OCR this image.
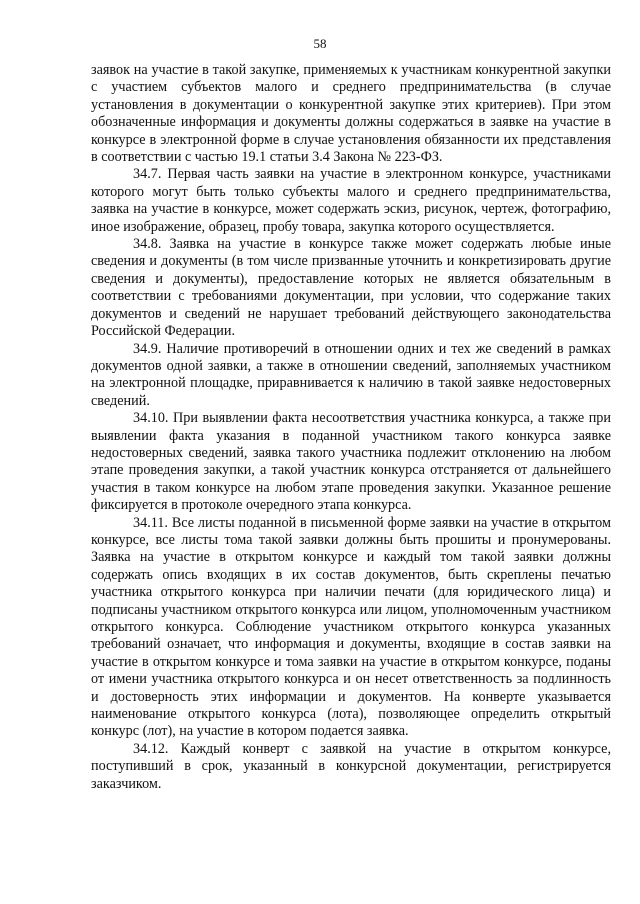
58

заявок на участие в такой закупке, применяемых к участникам конкурентной закупки с участием субъектов малого и среднего предпринимательства (в случае установления в документации о конкурентной закупке этих критериев). При этом обозначенные информация и документы должны содержаться в заявке на участие в конкурсе в электронной форме в случае установления обязанности их представления в соответствии с частью 19.1 статьи 3.4 Закона № 223-ФЗ.

34.7. Первая часть заявки на участие в электронном конкурсе, участниками которого могут быть только субъекты малого и среднего предпринимательства, заявка на участие в конкурсе, может содержать эскиз, рисунок, чертеж, фотографию, иное изображение, образец, пробу товара, закупка которого осуществляется.

34.8. Заявка на участие в конкурсе также может содержать любые иные сведения и документы (в том числе призванные уточнить и конкретизировать другие сведения и документы), предоставление которых не является обязательным в соответствии с требованиями документации, при условии, что содержание таких документов и сведений не нарушает требований действующего законодательства Российской Федерации.

34.9. Наличие противоречий в отношении одних и тех же сведений в рамках документов одной заявки, а также в отношении сведений, заполняемых участником на электронной площадке, приравнивается к наличию в такой заявке недостоверных сведений.

34.10. При выявлении факта несоответствия участника конкурса, а также при выявлении факта указания в поданной участником такого конкурса заявке недостоверных сведений, заявка такого участника подлежит отклонению на любом этапе проведения закупки, а такой участник конкурса отстраняется от дальнейшего участия в таком конкурсе на любом этапе проведения закупки. Указанное решение фиксируется в протоколе очередного этапа конкурса.

34.11. Все листы поданной в письменной форме заявки на участие в открытом конкурсе, все листы тома такой заявки должны быть прошиты и пронумерованы. Заявка на участие в открытом конкурсе и каждый том такой заявки должны содержать опись входящих в их состав документов, быть скреплены печатью участника открытого конкурса при наличии печати (для юридического лица) и подписаны участником открытого конкурса или лицом, уполномоченным участником открытого конкурса. Соблюдение участником открытого конкурса указанных требований означает, что информация и документы, входящие в состав заявки на участие в открытом конкурсе и тома заявки на участие в открытом конкурсе, поданы от имени участника открытого конкурса и он несет ответственность за подлинность и достоверность этих информации и документов. На конверте указывается наименование открытого конкурса (лота), позволяющее определить открытый конкурс (лот), на участие в котором подается заявка.

34.12. Каждый конверт с заявкой на участие в открытом конкурсе, поступивший в срок, указанный в конкурсной документации, регистрируется заказчиком.
